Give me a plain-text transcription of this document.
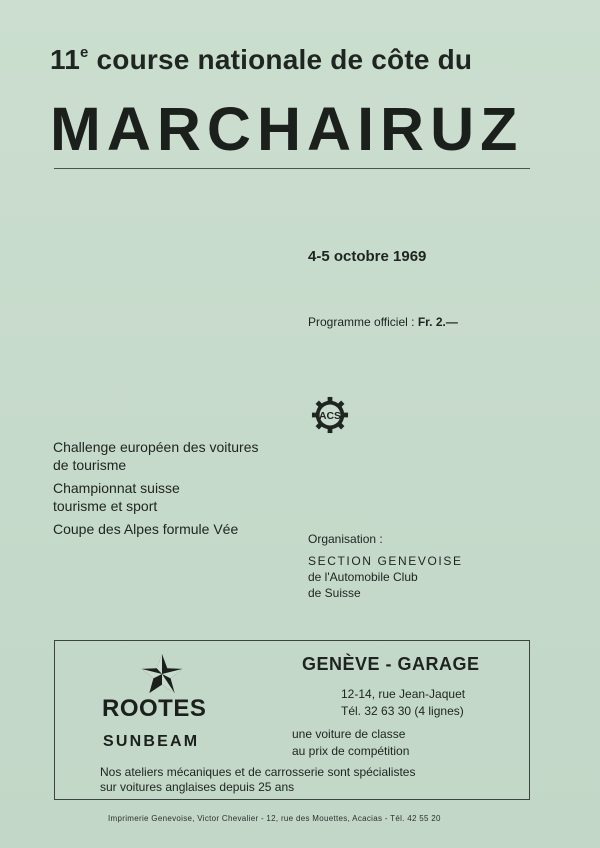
11e course nationale de côte du
MARCHAIRUZ
4-5 octobre 1969
Programme officiel : Fr. 2.—
ACS
Challenge européen des voitures
de tourisme
Championnat suisse
tourisme et sport
Coupe des Alpes formule Vée
Organisation :
SECTION GENEVOISE
de l'Automobile Club
de Suisse
ROOTES
SUNBEAM
GENÈVE - GARAGE
12-14, rue Jean-Jaquet
Tél. 32 63 30 (4 lignes)
une voiture de classe
au prix de compétition
Nos ateliers mécaniques et de carrosserie sont spécialistes
sur voitures anglaises depuis 25 ans
Imprimerie Genevoise, Victor Chevalier - 12, rue des Mouettes, Acacias - Tél. 42 55 20
